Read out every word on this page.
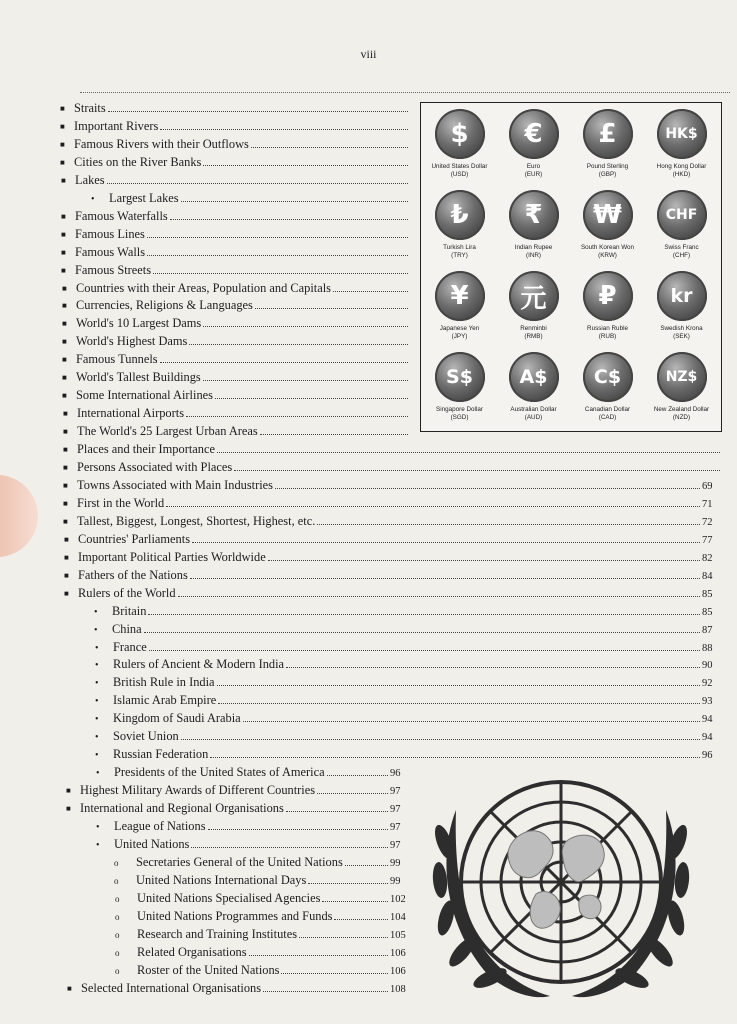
viii
■ Straits
■ Important Rivers
■ Famous Rivers with their Outflows
■ Cities on the River Banks
■ Lakes
•	Largest Lakes
■ Famous Waterfalls
■ Famous Lines
■ Famous Walls
■ Famous Streets
■ Countries with their Areas, Population and Capitals
■ Currencies, Religions & Languages
■ World's 10 Largest Dams
■ World's Highest Dams
■ Famous Tunnels
■ World's Tallest Buildings
■ Some International Airlines
■ International Airports
■ The World's 25 Largest Urban Areas
■ Places and their Importance
■ Persons Associated with Places
■ Towns Associated with Main Industries	69
■ First in the World	71
■ Tallest, Biggest, Longest, Shortest, Highest, etc.	72
■ Countries' Parliaments	77
■ Important Political Parties Worldwide	82
■ Fathers of the Nations	84
■ Rulers of the World	85
•	Britain	85
•	China	87
•	France	88
•	Rulers of Ancient & Modern India	90
•	British Rule in India	92
•	Islamic Arab Empire	93
•	Kingdom of Saudi Arabia	94
•	Soviet Union	94
•	Russian Federation	96
•	Presidents of the United States of America	96
■ Highest Military Awards of Different Countries	97
■ International and Regional Organisations	97
•	League of Nations	97
•	United Nations	97
o	Secretaries General of the United Nations	99
o	United Nations International Days	99
o	United Nations Specialised Agencies	102
o	United Nations Programmes and Funds	104
o	Research and Training Institutes	105
o	Related Organisations	106
o	Roster of the United Nations	106
■ Selected International Organisations	108
$
United States Dollar
(USD)
€
Euro
(EUR)
£
Pound Sterling
(GBP)
HK$
Hong Kong Dollar
(HKD)
₺
Turkish Lira
(TRY)
₹
Indian Rupee
(INR)
₩
South Korean Won
(KRW)
CHF
Swiss Franc
(CHF)
¥
Japanese Yen
(JPY)
元
Renminbi
(RMB)
₽
Russian Ruble
(RUB)
kr
Swedish Krona
(SEK)
S$
Singapore Dollar
(SGD)
A$
Australian Dollar
(AUD)
C$
Canadian Dollar
(CAD)
NZ$
New Zealand Dollar
(NZD)
